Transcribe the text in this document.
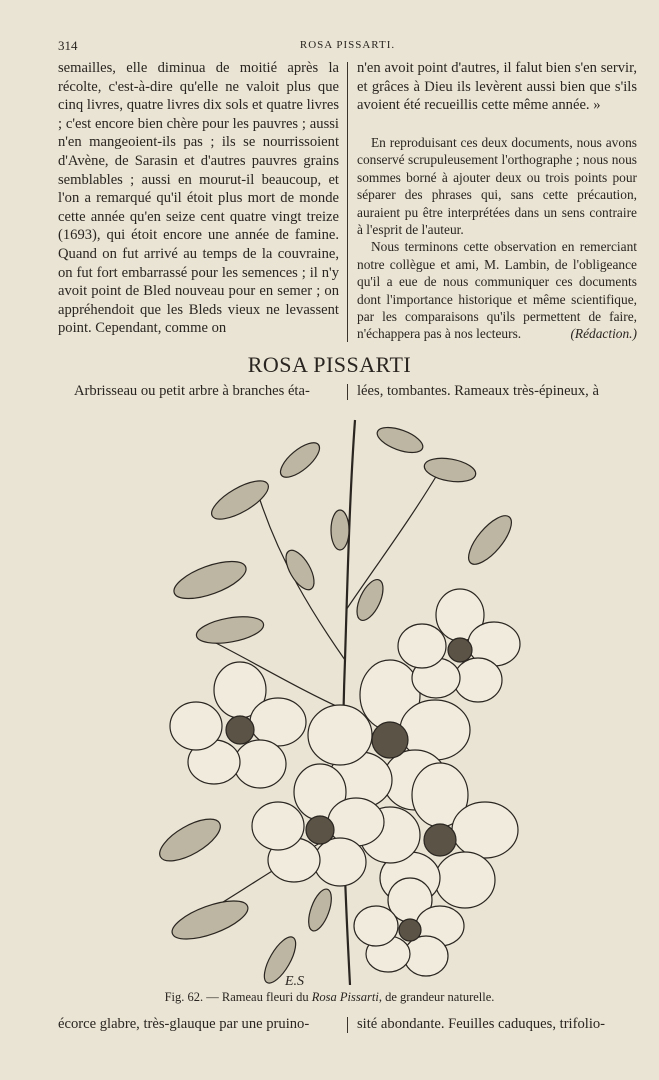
314	ROSA PISSARTI.

semailles, elle diminua de moitié après la récolte, c'est-à-dire qu'elle ne valoit plus que cinq livres, quatre livres dix sols et quatre livres ; c'est encore bien chère pour les pauvres ; aussi n'en mangeoient-ils pas ; ils se nourrissoient d'Avène, de Sarasin et d'autres pauvres grains semblables ; aussi en mourut-il beaucoup, et l'on a remarqué qu'il étoit plus mort de monde cette année qu'en seize cent quatre vingt treize (1693), qui étoit encore une année de famine. Quand on fut arrivé au temps de la couvraine, on fut fort embarrassé pour les semences ; il n'y avoit point de Bled nouveau pour en semer ; on appréhendoit que les Bleds vieux ne levassent point. Cependant, comme on

n'en avoit point d'autres, il falut bien s'en servir, et grâces à Dieu ils levèrent aussi bien que s'ils avoient été recueillis cette même année. »

En reproduisant ces deux documents, nous avons conservé scrupuleusement l'orthographe ; nous nous sommes borné à ajouter deux ou trois points pour séparer des phrases qui, sans cette précaution, auraient pu être interprétées dans un sens contraire à l'esprit de l'auteur.

Nous terminons cette observation en remerciant notre collègue et ami, M. Lambin, de l'obligeance qu'il a eue de nous communiquer ces documents dont l'importance historique et même scientifique, par les comparaisons qu'ils permettent de faire, n'échappera pas à nos lecteurs.	(Rédaction.)

ROSA PISSARTI
Arbrisseau ou petit arbre à branches éta-	lées, tombantes. Rameaux très-épineux, à
E.S
Fig. 62. — Rameau fleuri du Rosa Pissarti, de grandeur naturelle.
écorce glabre, très-glauque par une pruino-	sité abondante. Feuilles caduques, trifolio-
